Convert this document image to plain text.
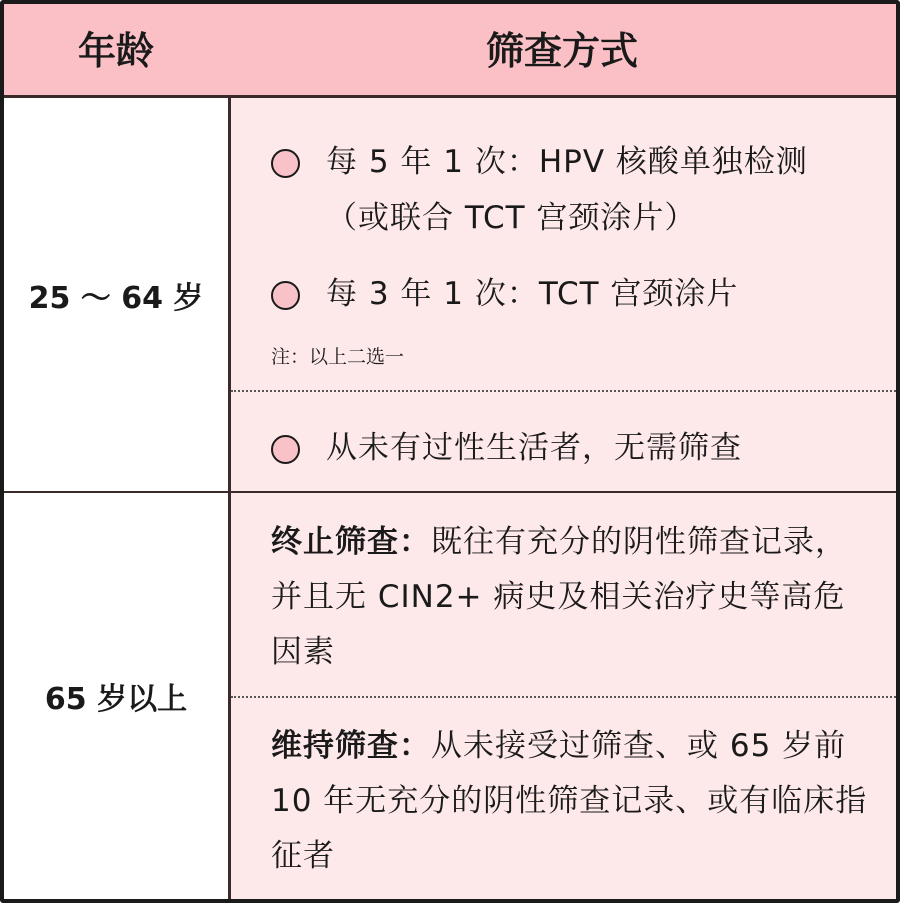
年龄	筛查方式
25 ～ 64 岁
每 5 年 1 次：HPV 核酸单独检测
（或联合 TCT 宫颈涂片）
每 3 年 1 次：TCT 宫颈涂片
注：以上二选一
从未有过性生活者，无需筛查
65 岁以上
终止筛查：既往有充分的阴性筛查记录，并且无 CIN2+ 病史及相关治疗史等高危因素
维持筛查：从未接受过筛查、或 65 岁前 10 年无充分的阴性筛查记录、或有临床指征者
